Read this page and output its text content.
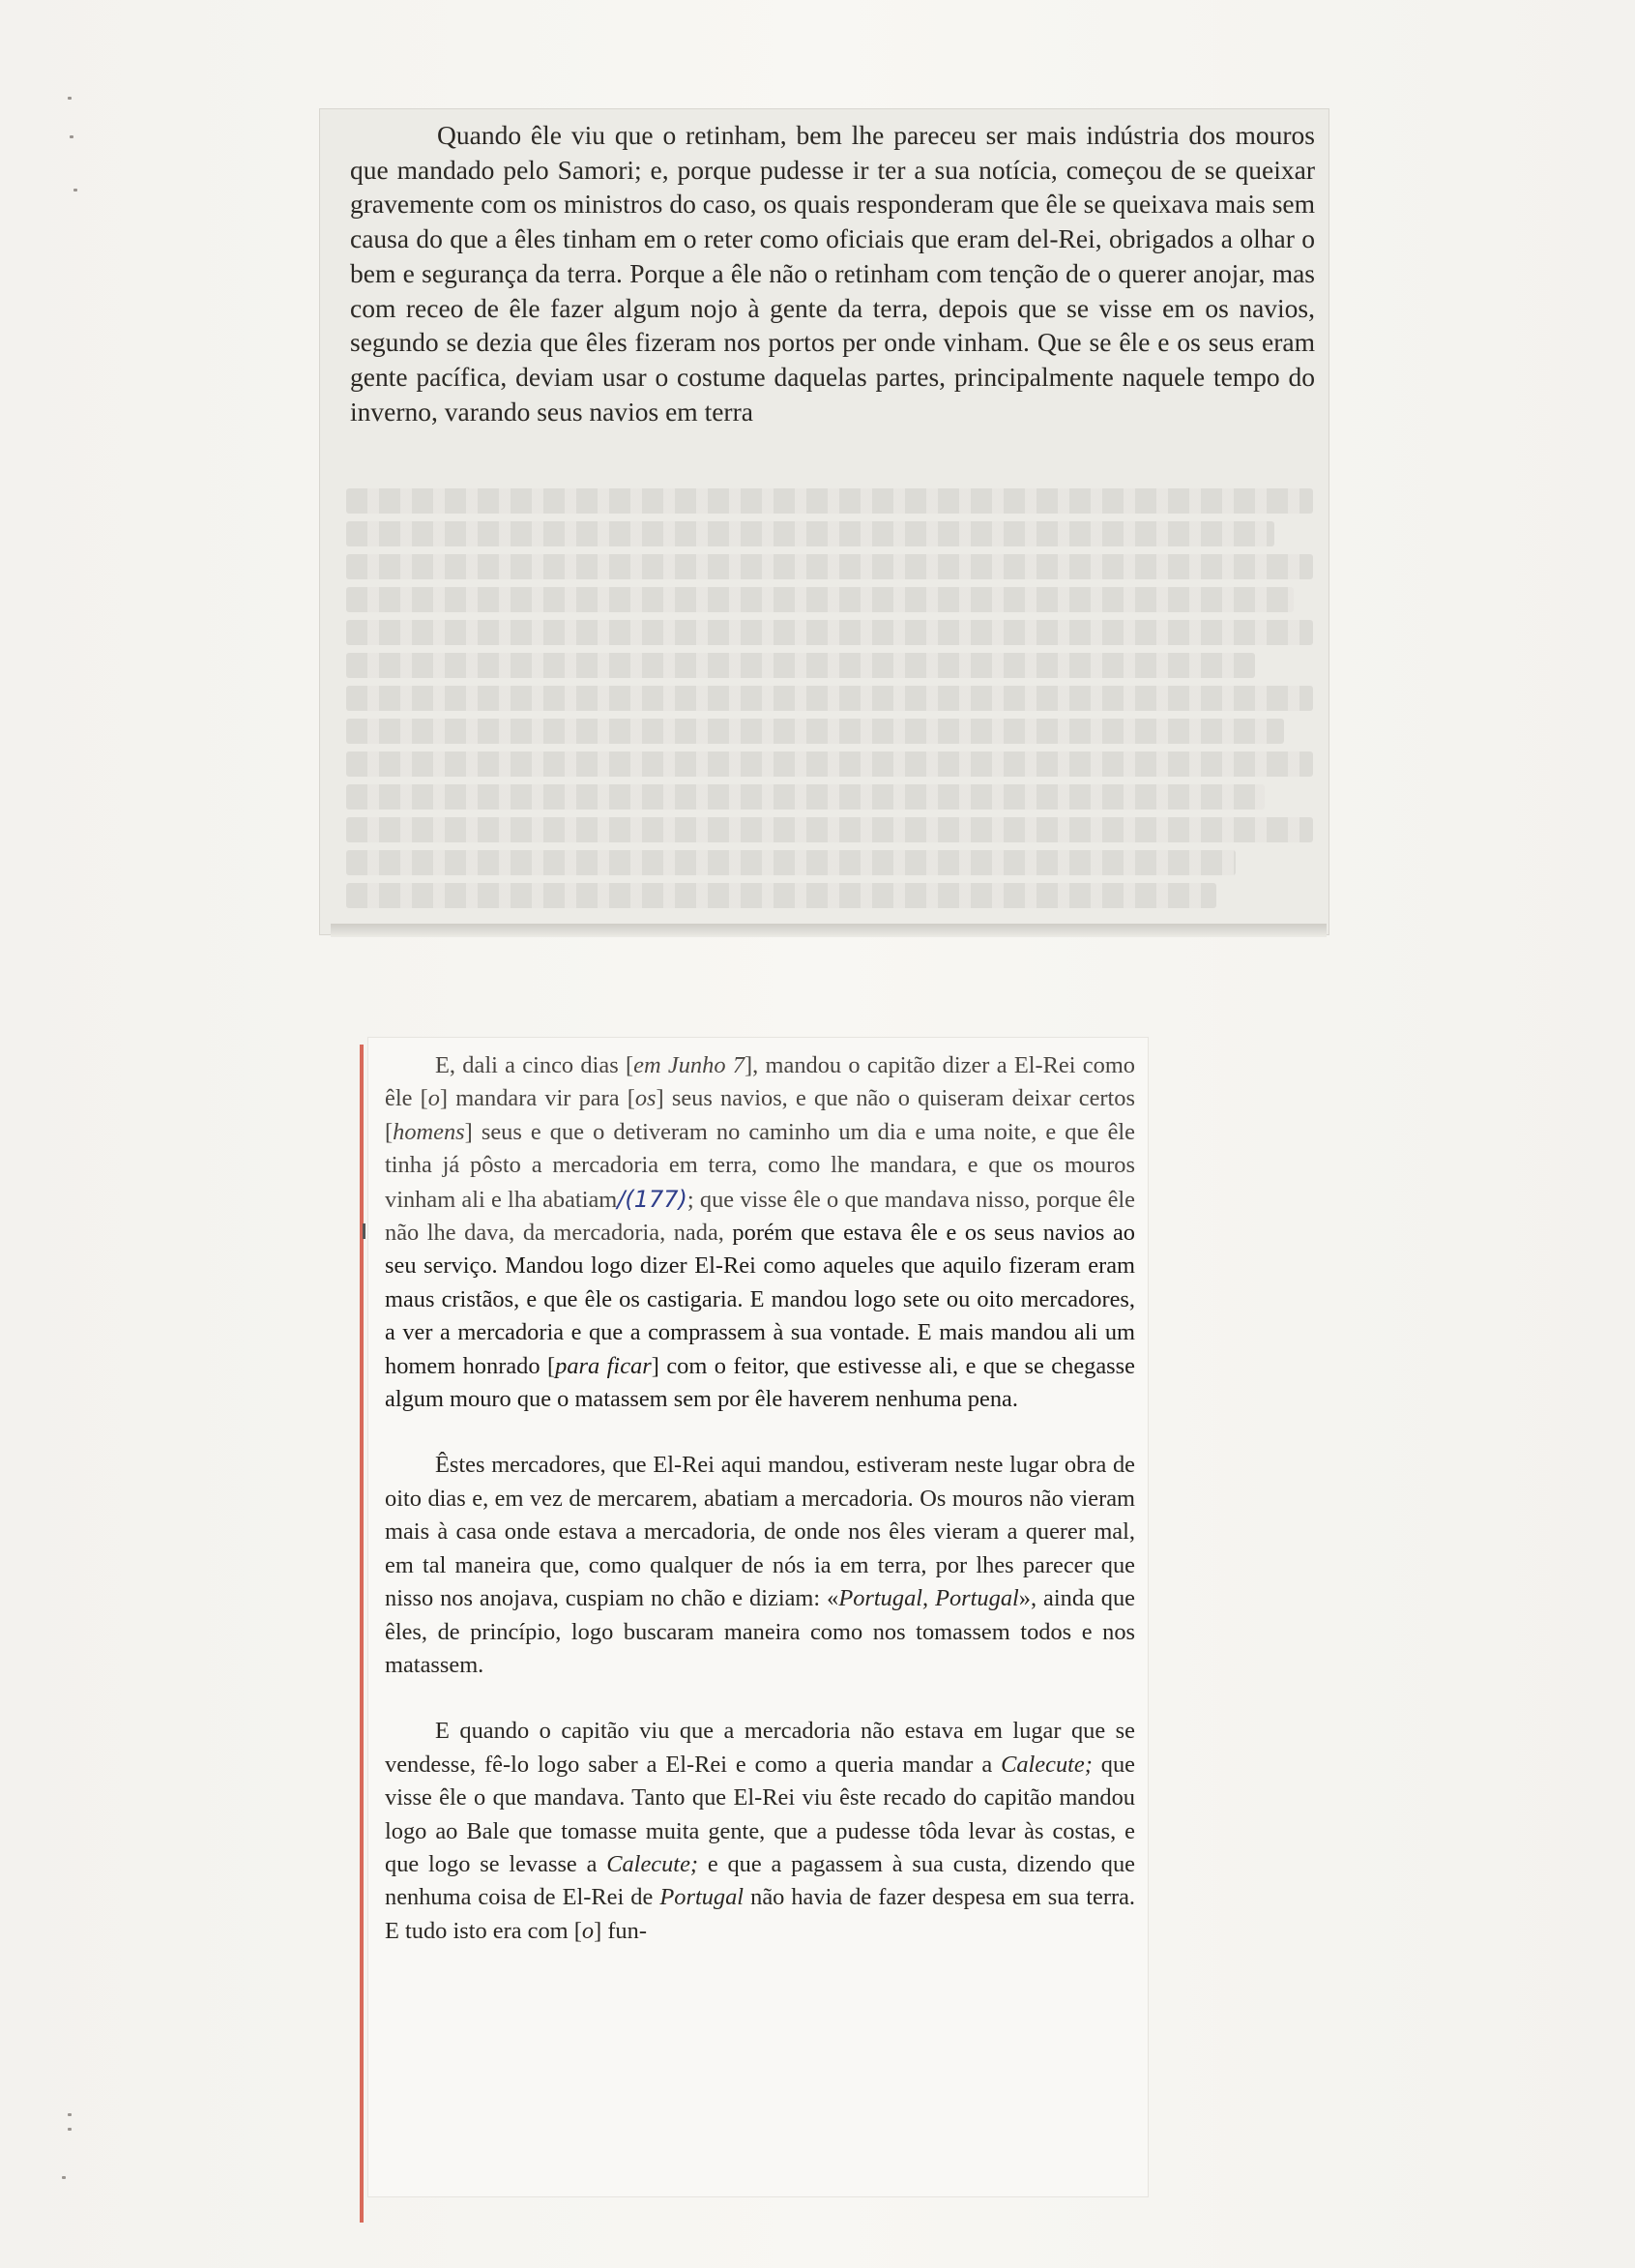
Quando êle viu que o retinham, bem lhe pareceu ser mais indústria dos mouros que mandado pelo Samori; e, porque pudesse ir ter a sua notícia, começou de se queixar gravemente com os ministros do caso, os quais responderam que êle se queixava mais sem causa do que a êles tinham em o reter como oficiais que eram del-Rei, obrigados a olhar o bem e segurança da terra. Porque a êle não o retinham com tenção de o querer anojar, mas com receo de êle fazer algum nojo à gente da terra, depois que se visse em os navios, segundo se dezia que êles fizeram nos portos per onde vinham. Que se êle e os seus eram gente pacífica, deviam usar o costume daquelas partes, principalmente naquele tempo do inverno, varando seus navios em terra

E, dali a cinco dias [em Junho 7], mandou o capitão dizer a El-Rei como êle [o] mandara vir para [os] seus navios, e que não o quiseram deixar certos [homens] seus e que o detiveram no caminho um dia e uma noite, e que êle tinha já pôsto a mercadoria em terra, como lhe mandara, e que os mouros vinham ali e lha abatiam/(177); que visse êle o que mandava nisso, porque êle não lhe dava, da mercadoria, nada, porém que estava êle e os seus navios ao seu serviço. Mandou logo dizer El-Rei como aqueles que aquilo fizeram eram maus cristãos, e que êle os castigaria. E mandou logo sete ou oito mercadores, a ver a mercadoria e que a comprassem à sua vontade. E mais mandou ali um homem honrado [para ficar] com o feitor, que estivesse ali, e que se chegasse algum mouro que o matassem sem por êle haverem nenhuma pena.

Êstes mercadores, que El-Rei aqui mandou, estiveram neste lugar obra de oito dias e, em vez de mercarem, abatiam a mercadoria. Os mouros não vieram mais à casa onde estava a mercadoria, de onde nos êles vieram a querer mal, em tal maneira que, como qualquer de nós ia em terra, por lhes parecer que nisso nos anojava, cuspiam no chão e diziam: «Portugal, Portugal», ainda que êles, de princípio, logo buscaram maneira como nos tomassem todos e nos matassem.

E quando o capitão viu que a mercadoria não estava em lugar que se vendesse, fê-lo logo saber a El-Rei e como a queria mandar a Calecute; que visse êle o que mandava. Tanto que El-Rei viu êste recado do capitão mandou logo ao Bale que tomasse muita gente, que a pudesse tôda levar às costas, e que logo se levasse a Calecute; e que a pagassem à sua custa, dizendo que nenhuma coisa de El-Rei de Portugal não havia de fazer despesa em sua terra. E tudo isto era com [o] fun-
